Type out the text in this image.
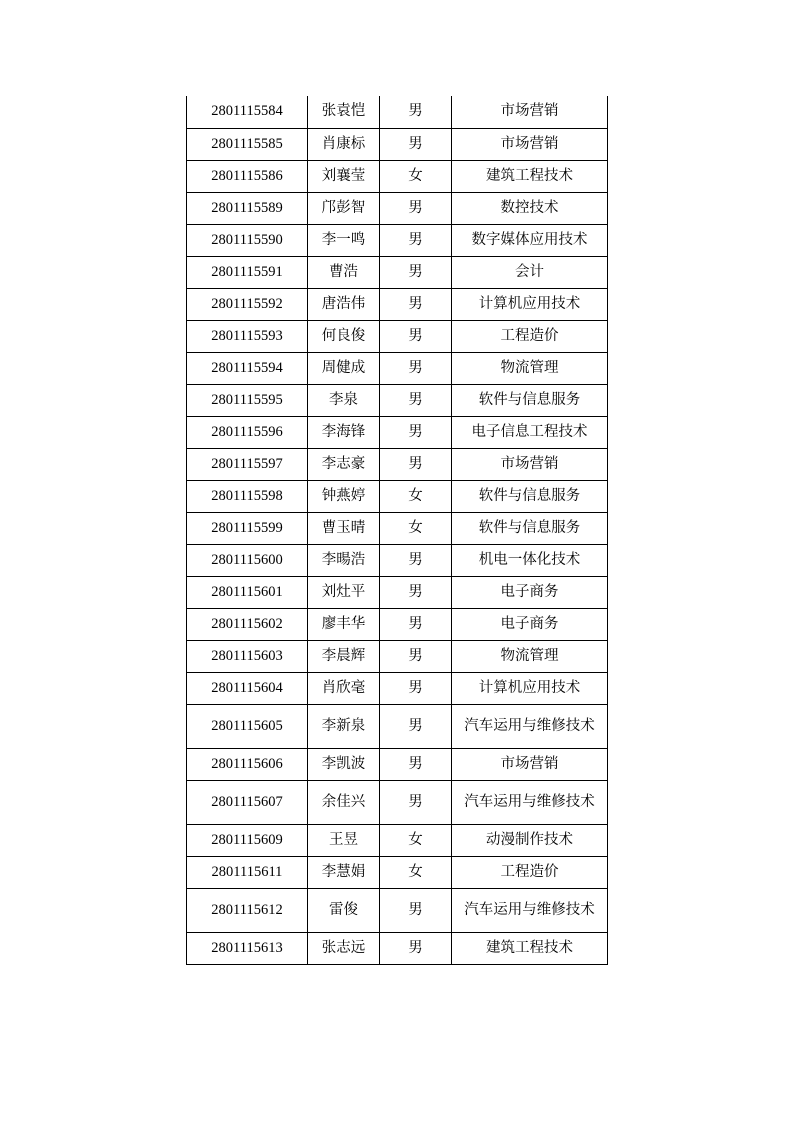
2801115584	张袁恺	男	市场营销
2801115585	肖康标	男	市场营销
2801115586	刘襄莹	女	建筑工程技术
2801115589	邝彭智	男	数控技术
2801115590	李一鸣	男	数字媒体应用技术
2801115591	曹浩	男	会计
2801115592	唐浩伟	男	计算机应用技术
2801115593	何良俊	男	工程造价
2801115594	周健成	男	物流管理
2801115595	李泉	男	软件与信息服务
2801115596	李海锋	男	电子信息工程技术
2801115597	李志豪	男	市场营销
2801115598	钟燕婷	女	软件与信息服务
2801115599	曹玉晴	女	软件与信息服务
2801115600	李暘浩	男	机电一体化技术
2801115601	刘灶平	男	电子商务
2801115602	廖丰华	男	电子商务
2801115603	李晨辉	男	物流管理
2801115604	肖欣毫	男	计算机应用技术
2801115605	李新泉	男	汽车运用与维修技术
2801115606	李凯波	男	市场营销
2801115607	余佳兴	男	汽车运用与维修技术
2801115609	王昱	女	动漫制作技术
2801115611	李慧娟	女	工程造价
2801115612	雷俊	男	汽车运用与维修技术
2801115613	张志远	男	建筑工程技术
